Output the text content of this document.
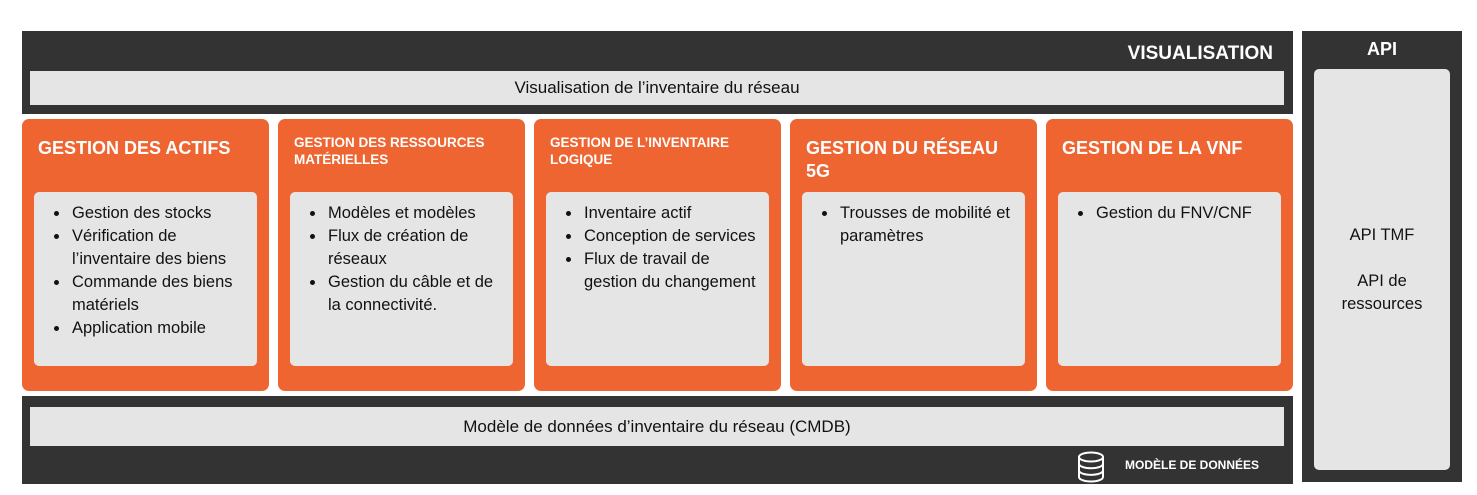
VISUALISATION
Visualisation de l’inventaire du réseau
GESTION DES ACTIFS
• Gestion des stocks
• Vérification de l’inventaire des biens
• Commande des biens matériels
• Application mobile
GESTION DES RESSOURCES MATÉRIELLES
• Modèles et modèles
• Flux de création de réseaux
• Gestion du câble et de la connectivité.
GESTION DE L’INVENTAIRE LOGIQUE
• Inventaire actif
• Conception de services
• Flux de travail de gestion du changement
GESTION DU RÉSEAU 5G
• Trousses de mobilité et paramètres
GESTION DE LA VNF
• Gestion du FNV/CNF
Modèle de données d’inventaire du réseau (CMDB)
MODÈLE DE DONNÉES
API
API TMF
API de ressources
